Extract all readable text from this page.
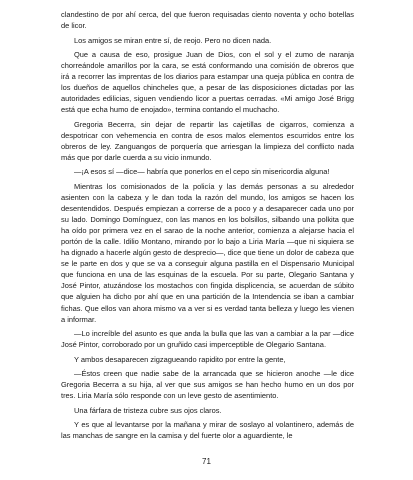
clandestino de por ahí cerca, del que fueron requisadas ciento noventa y ocho botellas de licor.

Los amigos se miran entre sí, de reojo. Pero no dicen nada.

Que a causa de eso, prosigue Juan de Dios, con el sol y el zumo de naranja chorreándole amarillos por la cara, se está conformando una comisión de obreros que irá a recorrer las imprentas de los diarios para estampar una queja pública en contra de los dueños de aquellos chincheles que, a pesar de las disposiciones dictadas por las autoridades edilicias, siguen vendiendo licor a puertas cerradas. «Mi amigo José Brigg está que echa humo de enojado», termina contando el muchacho.

Gregoria Becerra, sin dejar de repartir las cajetillas de cigarros, comienza a despotricar con vehemencia en contra de esos malos elementos escurridos entre los obreros de ley. Zanguangos de porquería que arriesgan la limpieza del conflicto nada más que por darle cuerda a su vicio inmundo.

—¡A esos sí —dice— habría que ponerlos en el cepo sin misericordia alguna!

Mientras los comisionados de la policía y las demás personas a su alrededor asienten con la cabeza y le dan toda la razón del mundo, los amigos se hacen los desentendidos. Después empiezan a correrse de a poco y a desaparecer cada uno por su lado. Domingo Domínguez, con las manos en los bolsillos, silbando una polkita que ha oído por primera vez en el sarao de la noche anterior, comienza a alejarse hacia el portón de la calle. Idilio Montano, mirando por lo bajo a Liria María —que ni siquiera se ha dignado a hacerle algún gesto de desprecio—, dice que tiene un dolor de cabeza que se le parte en dos y que se va a conseguir alguna pastilla en el Dispensario Municipal que funciona en una de las esquinas de la escuela. Por su parte, Olegario Santana y José Pintor, atuzándose los mostachos con fingida displicencia, se acuerdan de súbito que alguien ha dicho por ahí que en una partición de la Intendencia se iban a cambiar fichas. Que ellos van ahora mismo va a ver si es verdad tanta belleza y luego les vienen a informar.

—Lo increíble del asunto es que anda la bulla que las van a cambiar a la par —dice José Pintor, corroborado por un gruñido casi imperceptible de Olegario Santana.

Y ambos desaparecen zigzagueando rapidito por entre la gente,

—Éstos creen que nadie sabe de la arrancada que se hicieron anoche —le dice Gregoria Becerra a su hija, al ver que sus amigos se han hecho humo en un dos por tres. Liria María sólo responde con un leve gesto de asentimiento.

Una fárfara de tristeza cubre sus ojos claros.

Y es que al levantarse por la mañana y mirar de soslayo al volantinero, además de las manchas de sangre en la camisa y del fuerte olor a aguardiente, le

71
